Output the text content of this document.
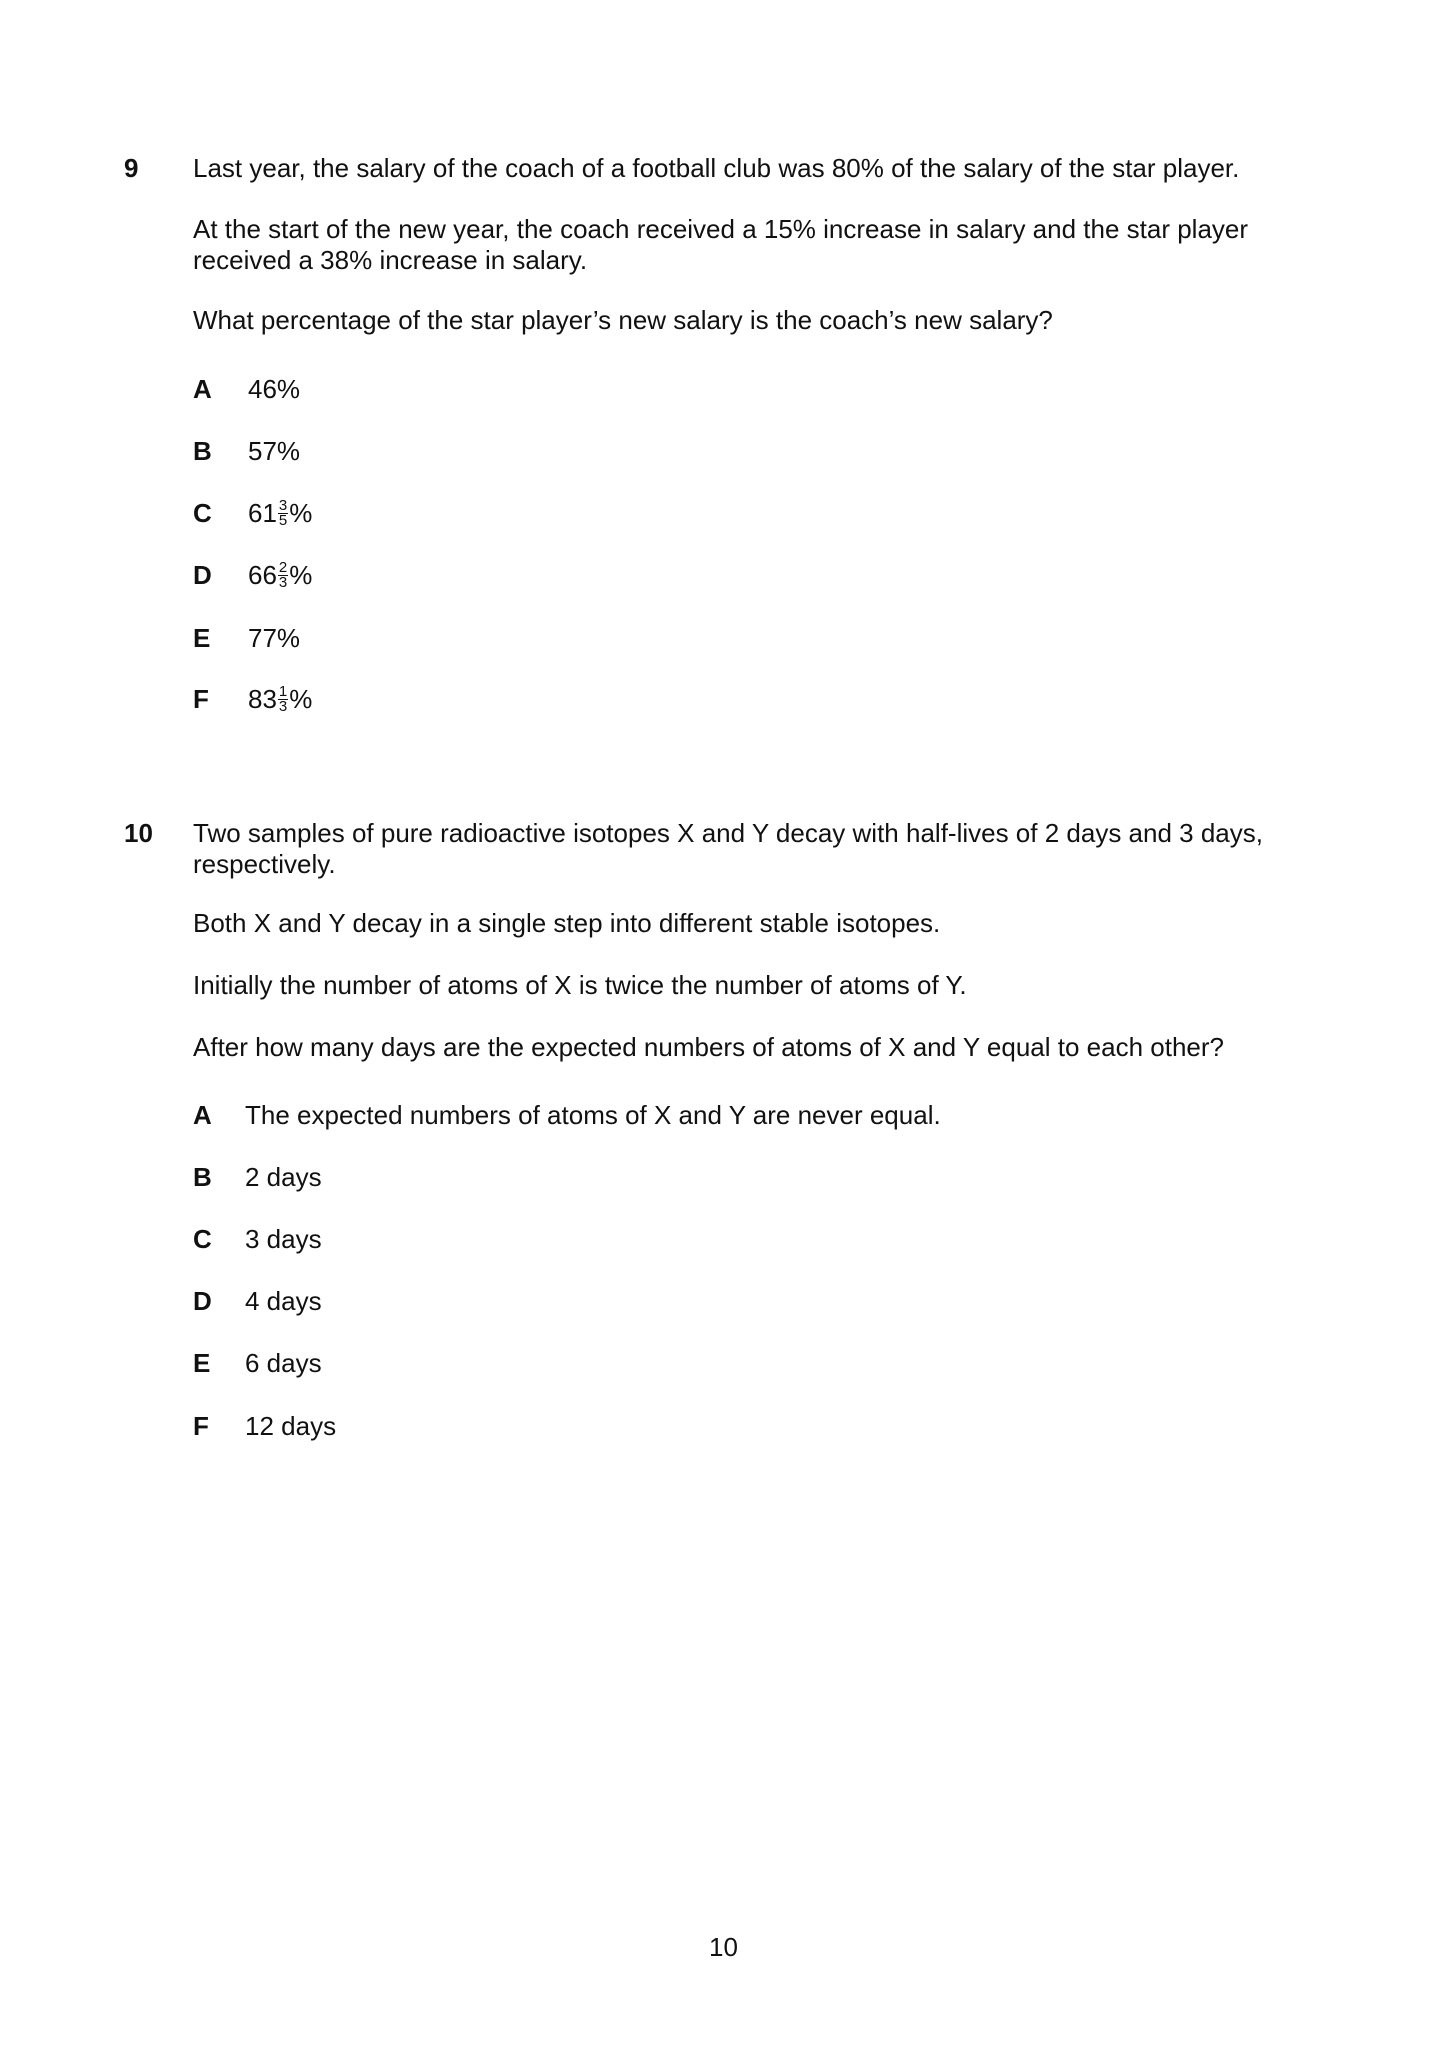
9 Last year, the salary of the coach of a football club was 80% of the salary of the star player.
At the start of the new year, the coach received a 15% increase in salary and the star player received a 38% increase in salary.
What percentage of the star player’s new salary is the coach’s new salary?
A 46%
B 57%
C $61 \frac{3}{5}$ %
D $66 \frac{2}{3}$ %
E 77%
F $83 \frac{1}{3}$ %
10 Two samples of pure radioactive isotopes X and Y decay with half-lives of 2 days and 3 days, respectively.
Both X and Y decay in a single step into different stable isotopes.
Initially the number of atoms of X is twice the number of atoms of Y.
After how many days are the expected numbers of atoms of X and Y equal to each other?
A The expected numbers of atoms of X and Y are never equal.
B 2 days
C 3 days
D 4 days
E 6 days
F 12 days
10
